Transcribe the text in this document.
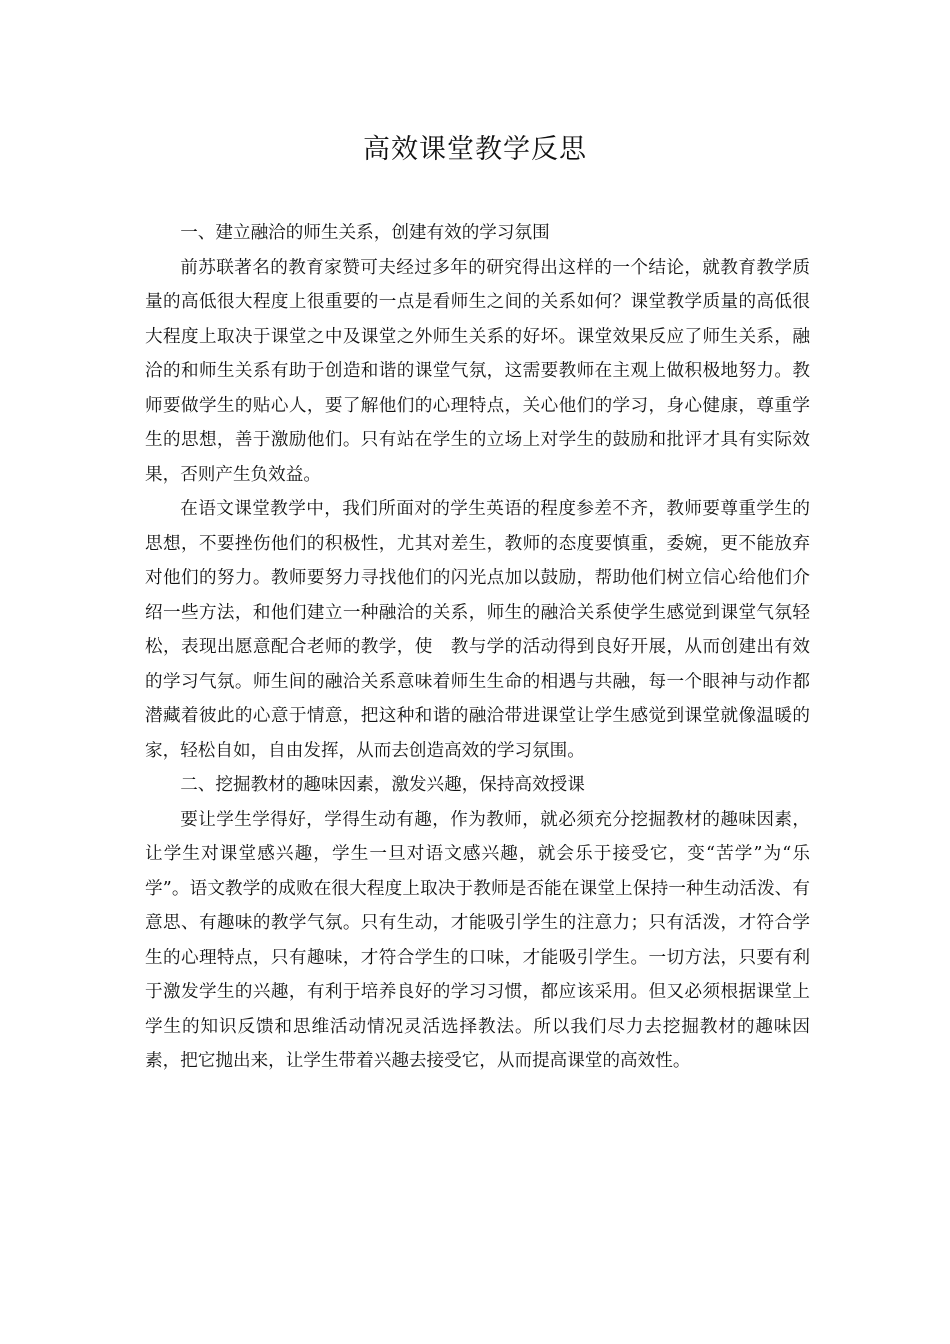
高效课堂教学反思

一、建立融洽的师生关系，创建有效的学习氛围

前苏联著名的教育家赞可夫经过多年的研究得出这样的一个结论，就教育教学质量的高低很大程度上很重要的一点是看师生之间的关系如何？课堂教学质量的高低很大程度上取决于课堂之中及课堂之外师生关系的好坏。课堂效果反应了师生关系，融洽的和师生关系有助于创造和谐的课堂气氛，这需要教师在主观上做积极地努力。教师要做学生的贴心人，要了解他们的心理特点，关心他们的学习，身心健康，尊重学生的思想，善于激励他们。只有站在学生的立场上对学生的鼓励和批评才具有实际效果，否则产生负效益。

在语文课堂教学中，我们所面对的学生英语的程度参差不齐，教师要尊重学生的思想，不要挫伤他们的积极性，尤其对差生，教师的态度要慎重，委婉，更不能放弃对他们的努力。教师要努力寻找他们的闪光点加以鼓励，帮助他们树立信心给他们介绍一些方法，和他们建立一种融洽的关系，师生的融洽关系使学生感觉到课堂气氛轻松，表现出愿意配合老师的教学，使　教与学的活动得到良好开展，从而创建出有效的学习气氛。师生间的融洽关系意味着师生生命的相遇与共融，每一个眼神与动作都潜藏着彼此的心意于情意，把这种和谐的融洽带进课堂让学生感觉到课堂就像温暖的家，轻松自如，自由发挥，从而去创造高效的学习氛围。

二、挖掘教材的趣味因素，激发兴趣，保持高效授课

要让学生学得好，学得生动有趣，作为教师，就必须充分挖掘教材的趣味因素，让学生对课堂感兴趣，学生一旦对语文感兴趣，就会乐于接受它，变“苦学”为“乐学”。语文教学的成败在很大程度上取决于教师是否能在课堂上保持一种生动活泼、有意思、有趣味的教学气氛。只有生动，才能吸引学生的注意力；只有活泼，才符合学生的心理特点，只有趣味，才符合学生的口味，才能吸引学生。一切方法，只要有利于激发学生的兴趣，有利于培养良好的学习习惯，都应该采用。但又必须根据课堂上学生的知识反馈和思维活动情况灵活选择教法。所以我们尽力去挖掘教材的趣味因素，把它抛出来，让学生带着兴趣去接受它，从而提高课堂的高效性。
